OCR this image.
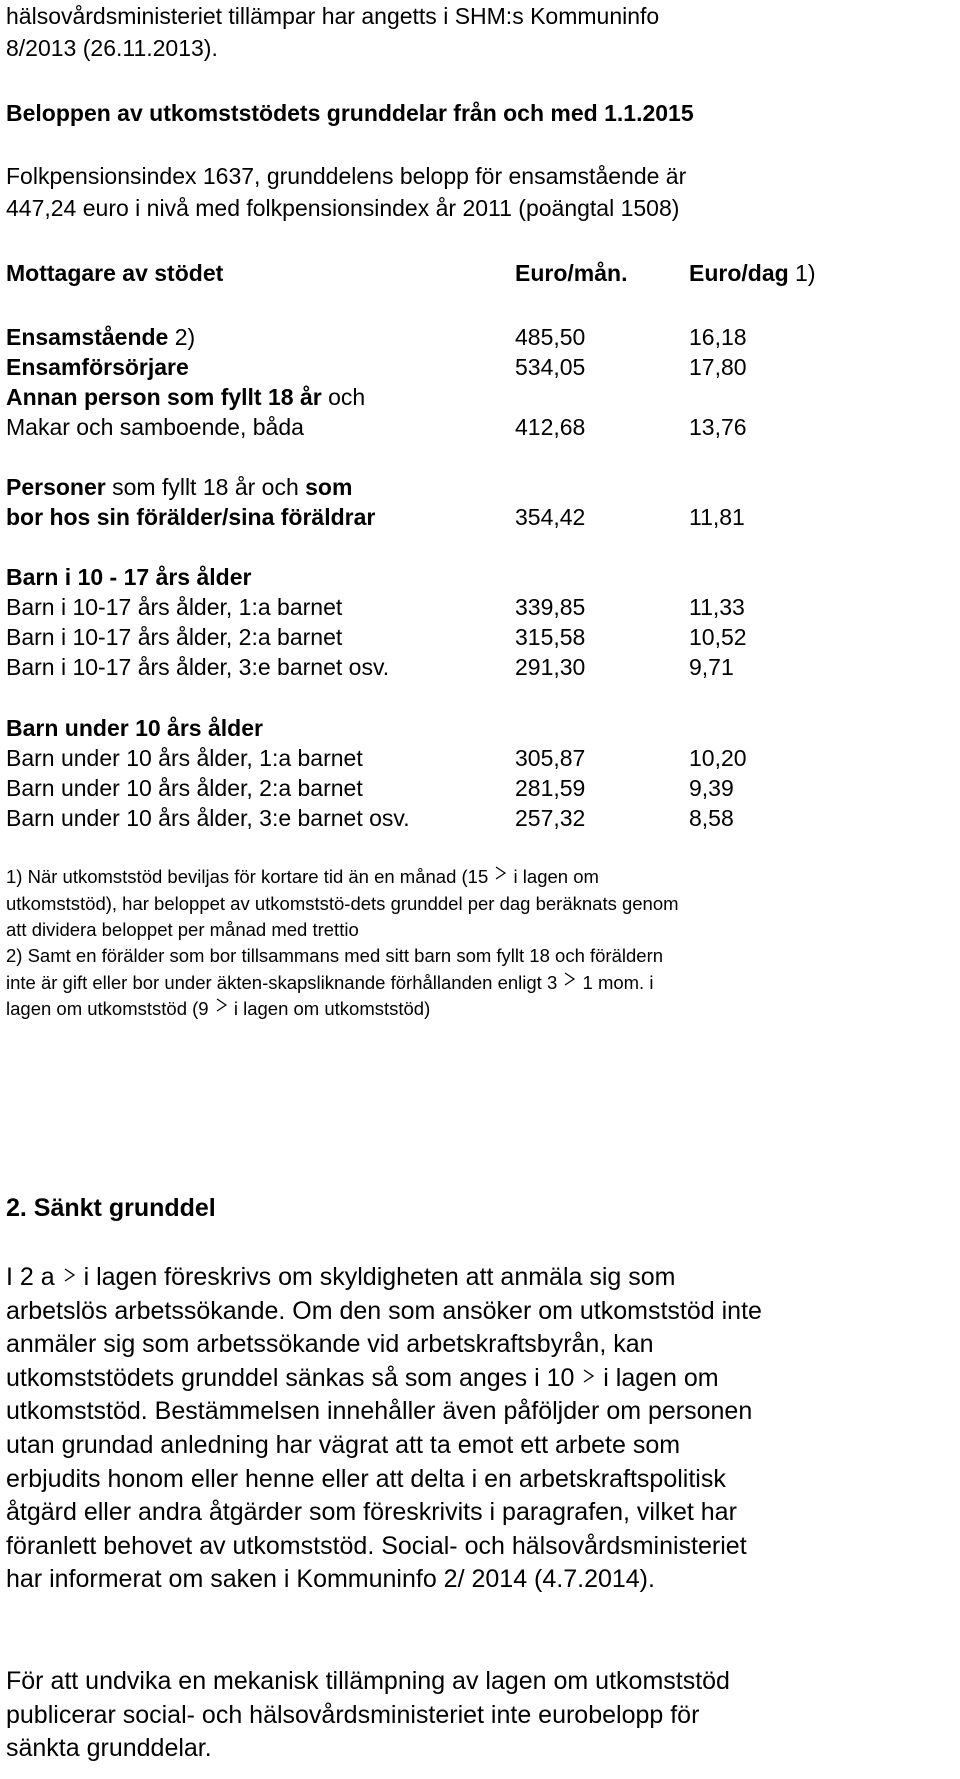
hälsovårdsministeriet tillämpar har angetts i SHM:s Kommuninfo
8/2013 (26.11.2013).
Beloppen av utkomststödets grunddelar från och med 1.1.2015
Folkpensionsindex 1637, grunddelens belopp för ensamstående är
447,24 euro i nivå med folkpensionsindex år 2011 (poängtal 1508)
Mottagare av stödet	Euro/mån.	Euro/dag 1)
Ensamstående 2)	485,50	16,18
Ensamförsörjare	534,05	17,80
Annan person som fyllt 18 år och
Makar och samboende, båda	412,68	13,76
Personer som fyllt 18 år och som
bor hos sin förälder/sina föräldrar	354,42	11,81
Barn i 10 - 17 års ålder
Barn i 10-17 års ålder, 1:a barnet	339,85	11,33
Barn i 10-17 års ålder, 2:a barnet	315,58	10,52
Barn i 10-17 års ålder, 3:e barnet osv.	291,30	9,71
Barn under 10 års ålder
Barn under 10 års ålder, 1:a barnet	305,87	10,20
Barn under 10 års ålder, 2:a barnet	281,59	9,39
Barn under 10 års ålder, 3:e barnet osv.	257,32	8,58
1) När utkomststöd beviljas för kortare tid än en månad (15 i lagen om
utkomststöd), har beloppet av utkomststö-dets grunddel per dag beräknats genom
att dividera beloppet per månad med trettio
2) Samt en förälder som bor tillsammans med sitt barn som fyllt 18 och föräldern
inte är gift eller bor under äkten-skapsliknande förhållanden enligt 3 1 mom. i
lagen om utkomststöd (9 i lagen om utkomststöd)
2. Sänkt grunddel
I 2 a i lagen föreskrivs om skyldigheten att anmäla sig som
arbetslös arbetssökande. Om den som ansöker om utkomststöd inte
anmäler sig som arbetssökande vid arbetskraftsbyrån, kan
utkomststödets grunddel sänkas så som anges i 10 i lagen om
utkomststöd. Bestämmelsen innehåller även påföljder om personen
utan grundad anledning har vägrat att ta emot ett arbete som
erbjudits honom eller henne eller att delta i en arbetskraftspolitisk
åtgärd eller andra åtgärder som föreskrivits i paragrafen, vilket har
föranlett behovet av utkomststöd. Social- och hälsovårdsministeriet
har informerat om saken i Kommuninfo 2/ 2014 (4.7.2014).
För att undvika en mekanisk tillämpning av lagen om utkomststöd
publicerar social- och hälsovårdsministeriet inte eurobelopp för
sänkta grunddelar.
